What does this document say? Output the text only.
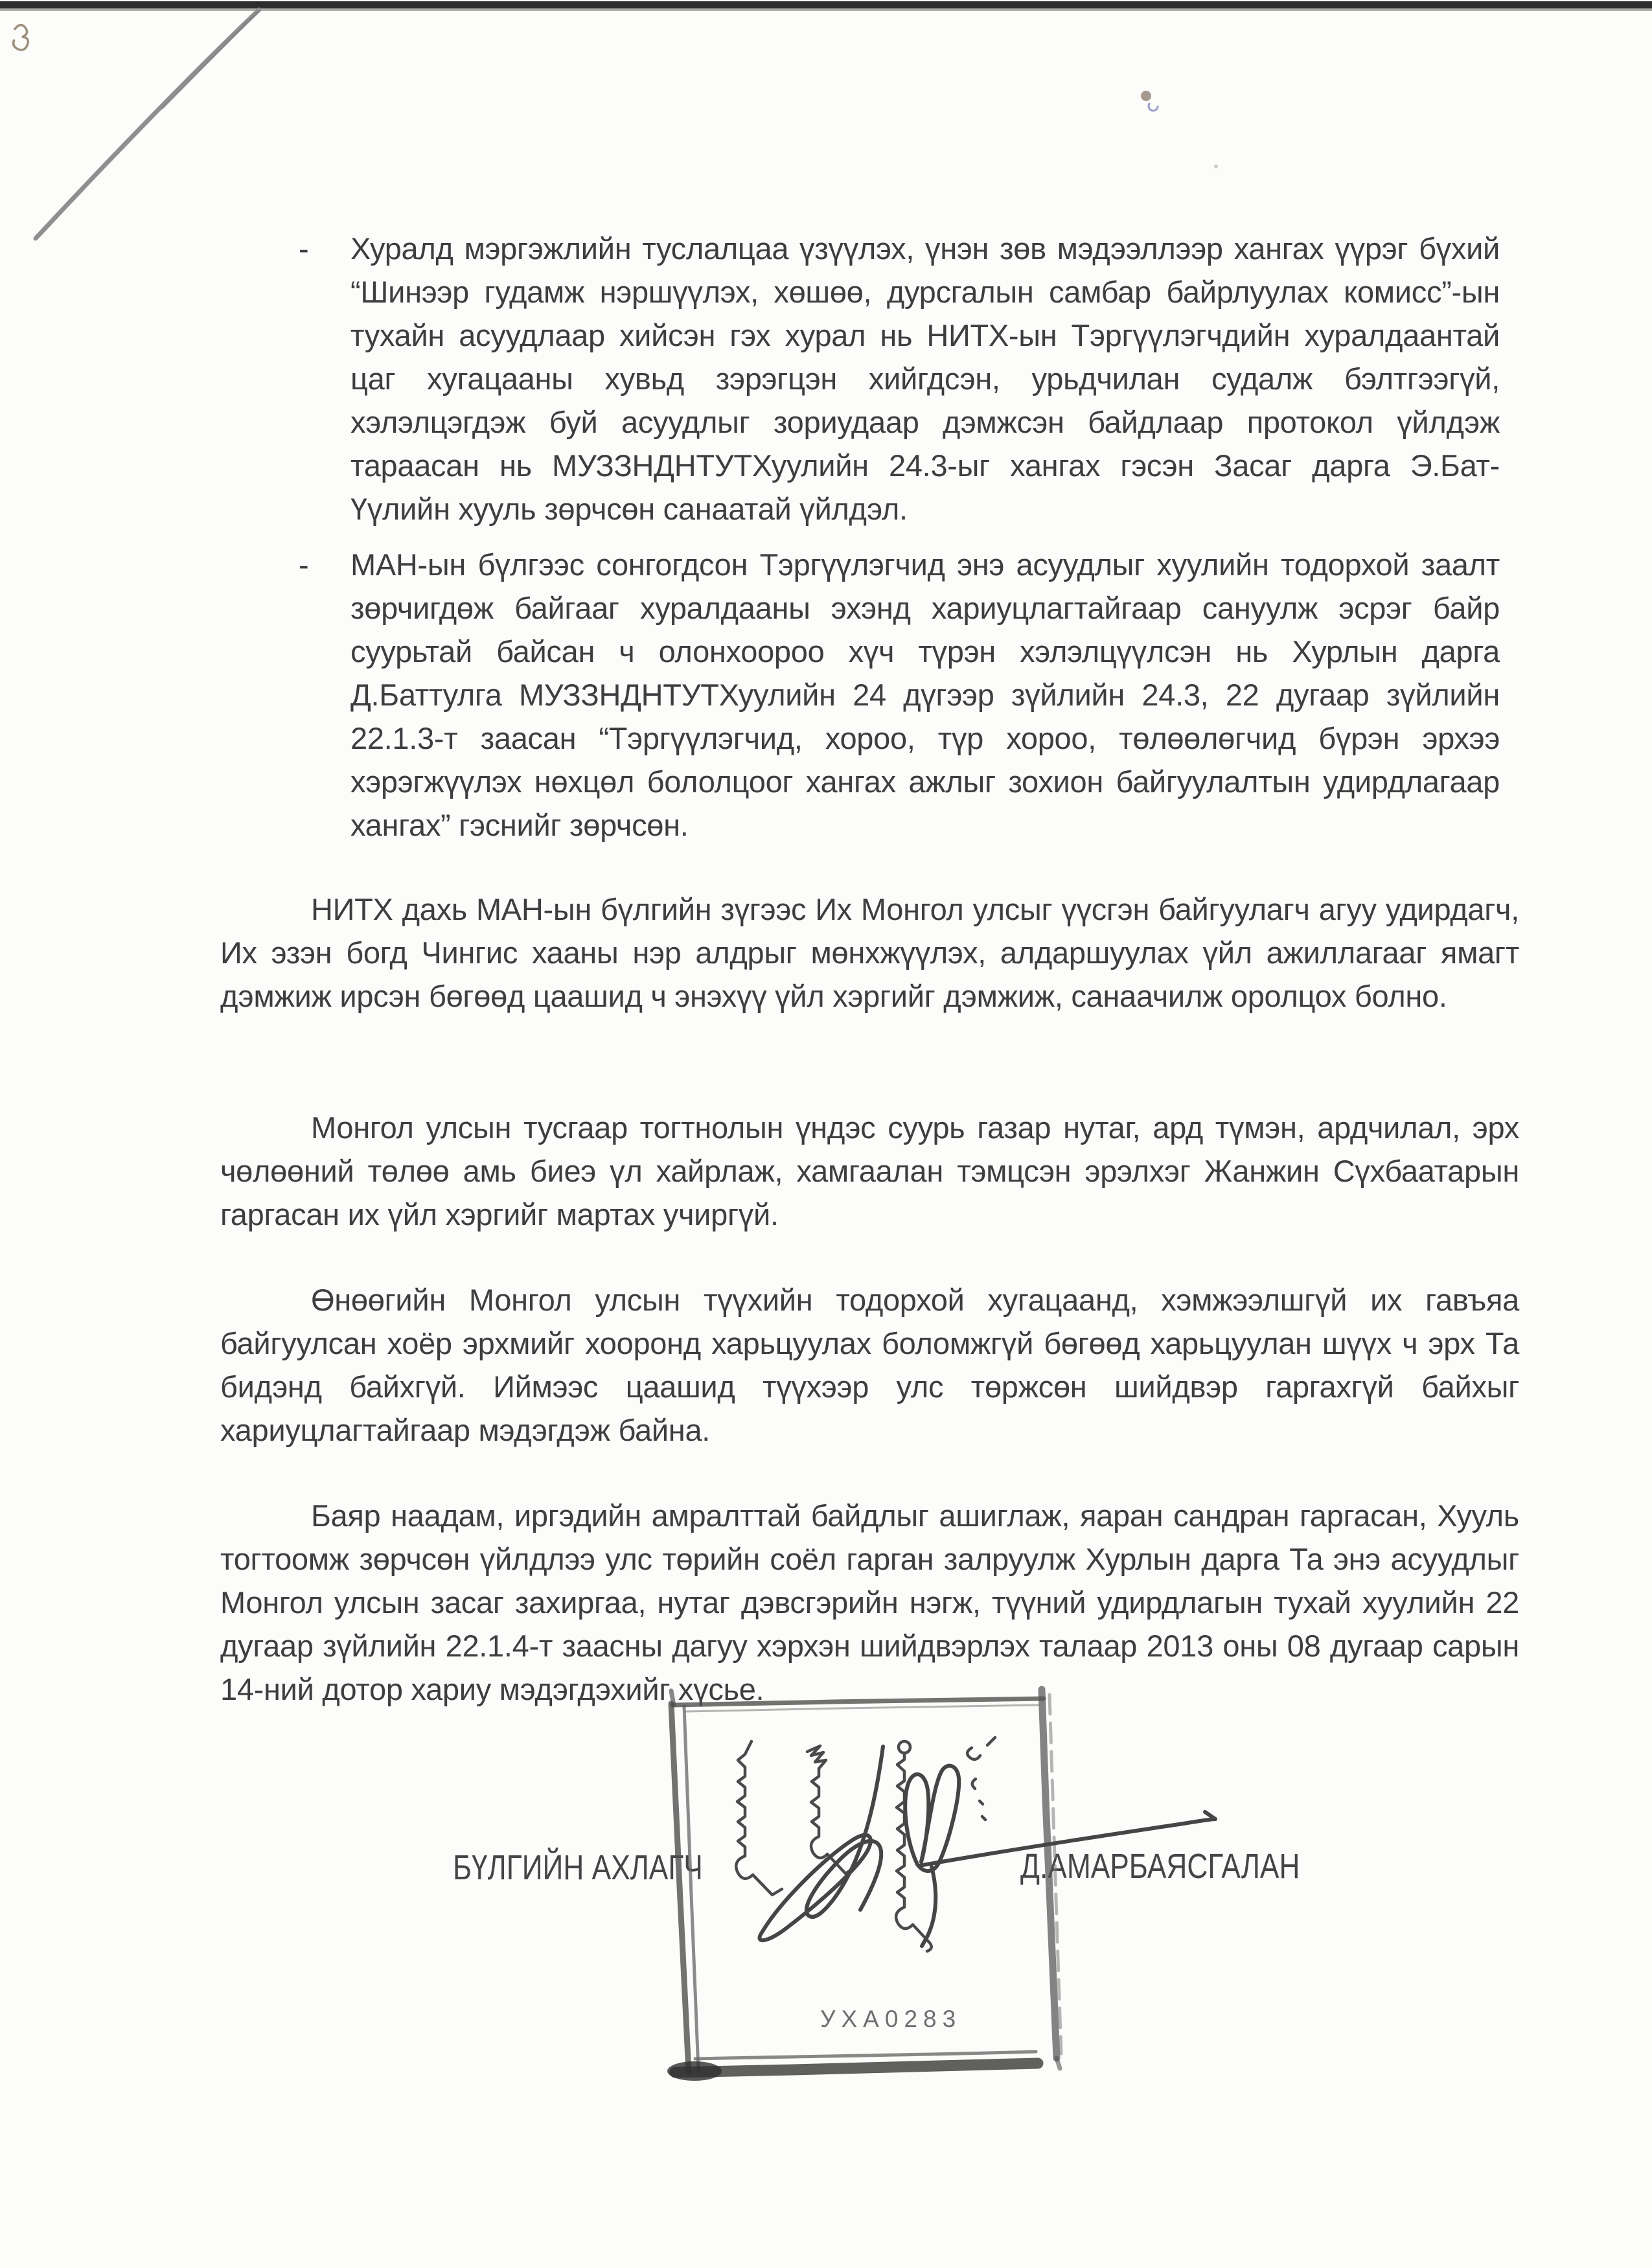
- Хуралд мэргэжлийн туслалцаа үзүүлэх, үнэн зөв мэдээллээр хангах үүрэг бүхий “Шинээр гудамж нэршүүлэх, хөшөө, дурсгалын самбар байрлуулах комисс”-ын тухайн асуудлаар хийсэн гэх хурал нь НИТХ-ын Тэргүүлэгчдийн хуралдаантай цаг хугацааны хувьд зэрэгцэн хийгдсэн, урьдчилан судалж бэлтгээгүй, хэлэлцэгдэж буй асуудлыг зориудаар дэмжсэн байдлаар протокол үйлдэж тараасан нь МУЗЗНДНТУТХуулийн 24.3-ыг хангах гэсэн Засаг дарга Э.Бат-Үүлийн хууль зөрчсөн санаатай үйлдэл.
- МАН-ын бүлгээс сонгогдсон Тэргүүлэгчид энэ асуудлыг хуулийн тодорхой заалт зөрчигдөж байгааг хуралдааны эхэнд хариуцлагтайгаар сануулж эсрэг байр суурьтай байсан ч олонхоороо хүч түрэн хэлэлцүүлсэн нь Хурлын дарга Д.Баттулга МУЗЗНДНТУТХуулийн 24 дүгээр зүйлийн 24.3, 22 дугаар зүйлийн 22.1.3-т заасан “Тэргүүлэгчид, хороо, түр хороо, төлөөлөгчид бүрэн эрхээ хэрэгжүүлэх нөхцөл бололцоог хангах ажлыг зохион байгуулалтын удирдлагаар хангах” гэснийг зөрчсөн.
НИТХ дахь МАН-ын бүлгийн зүгээс Их Монгол улсыг үүсгэн байгуулагч агуу удирдагч, Их эзэн богд Чингис хааны нэр алдрыг мөнхжүүлэх, алдаршуулах үйл ажиллагааг ямагт дэмжиж ирсэн бөгөөд цаашид ч энэхүү үйл хэргийг дэмжиж, санаачилж оролцох болно.
Монгол улсын тусгаар тогтнолын үндэс суурь газар нутаг, ард түмэн, ардчилал, эрх чөлөөний төлөө амь биеэ үл хайрлаж, хамгаалан тэмцсэн эрэлхэг Жанжин Сүхбаатарын гаргасан их үйл хэргийг мартах учиргүй.
Өнөөгийн Монгол улсын түүхийн тодорхой хугацаанд, хэмжээлшгүй их гавъяа байгуулсан хоёр эрхмийг хооронд харьцуулах боломжгүй бөгөөд харьцуулан шүүх ч эрх Та бидэнд байхгүй. Иймээс цаашид түүхээр улс төржсөн шийдвэр гаргахгүй байхыг хариуцлагтайгаар мэдэгдэж байна.
Баяр наадам, иргэдийн амралттай байдлыг ашиглаж, яаран сандран гаргасан, Хууль тогтоомж зөрчсөн үйлдлээ улс төрийн соёл гарган залруулж Хурлын дарга Та энэ асуудлыг Монгол улсын засаг захиргаа, нутаг дэвсгэрийн нэгж, түүний удирдлагын тухай хуулийн 22 дугаар зүйлийн 22.1.4-т заасны дагуу хэрхэн шийдвэрлэх талаар 2013 оны 08 дугаар сарын 14-ний дотор хариу мэдэгдэхийг хүсье.
БҮЛГИЙН АХЛАГЧ	Д.АМАРБАЯСГАЛАН
УХА0283
